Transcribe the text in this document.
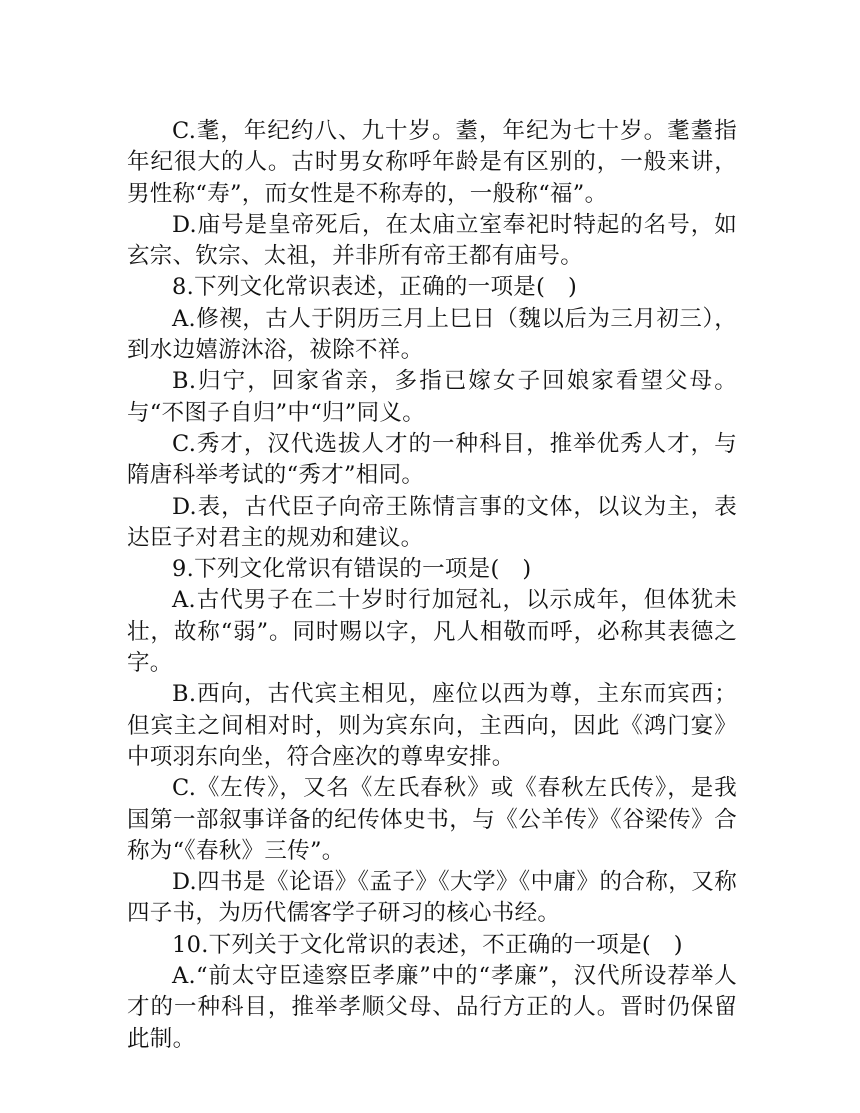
C.耄，年纪约八、九十岁。耋，年纪为七十岁。耄耋指年纪很大的人。古时男女称呼年龄是有区别的，一般来讲，男性称“寿”，而女性是不称寿的，一般称“福”。

D.庙号是皇帝死后，在太庙立室奉祀时特起的名号，如玄宗、钦宗、太祖，并非所有帝王都有庙号。

8.下列文化常识表述，正确的一项是(　)

A.修禊，古人于阴历三月上巳日（魏以后为三月初三），到水边嬉游沐浴，祓除不祥。

B.归宁，回家省亲，多指已嫁女子回娘家看望父母。与“不图子自归”中“归”同义。

C.秀才，汉代选拔人才的一种科目，推举优秀人才，与隋唐科举考试的“秀才”相同。

D.表，古代臣子向帝王陈情言事的文体，以议为主，表达臣子对君主的规劝和建议。

9.下列文化常识有错误的一项是(　)

A.古代男子在二十岁时行加冠礼，以示成年，但体犹未壮，故称“弱”。同时赐以字，凡人相敬而呼，必称其表德之字。

B.西向，古代宾主相见，座位以西为尊，主东而宾西；但宾主之间相对时，则为宾东向，主西向，因此《鸿门宴》中项羽东向坐，符合座次的尊卑安排。

C.《左传》，又名《左氏春秋》或《春秋左氏传》，是我国第一部叙事详备的纪传体史书，与《公羊传》《谷梁传》合称为“《春秋》三传”。

D.四书是《论语》《孟子》《大学》《中庸》的合称，又称四子书，为历代儒客学子研习的核心书经。

10.下列关于文化常识的表述，不正确的一项是(　)

A.“前太守臣逵察臣孝廉”中的“孝廉”，汉代所设荐举人才的一种科目，推举孝顺父母、品行方正的人。晋时仍保留此制。
